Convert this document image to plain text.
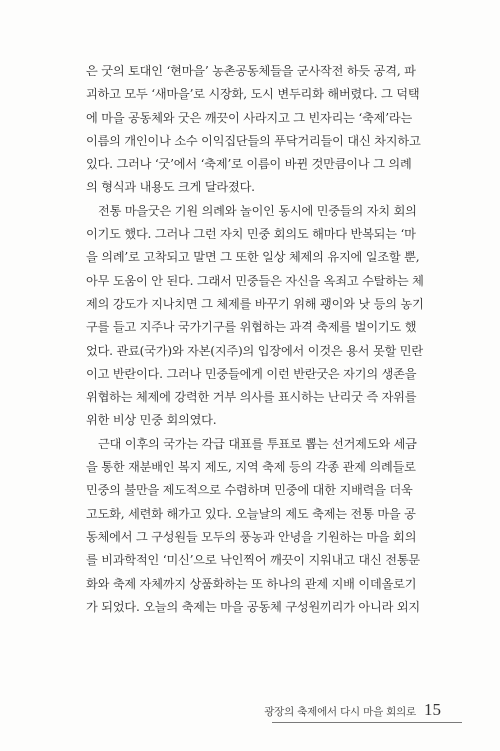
은 굿의 토대인 ‘현마을’ 농촌공동체들을 군사작전 하듯 공격, 파
괴하고 모두 ‘새마을’로 시장화, 도시 변두리화 해버렸다. 그 덕택
에 마을 공동체와 굿은 깨끗이 사라지고 그 빈자리는 ‘축제’라는
이름의 개인이나 소수 이익집단들의 푸닥거리들이 대신 차지하고
있다. 그러나 ‘굿’에서 ‘축제’로 이름이 바뀐 것만큼이나 그 의례
의 형식과 내용도 크게 달라졌다.
전통 마을굿은 기원 의례와 놀이인 동시에 민중들의 자치 회의
이기도 했다. 그러나 그런 자치 민중 회의도 해마다 반복되는 ‘마
을 의례’로 고착되고 말면 그 또한 일상 체제의 유지에 일조할 뿐,
아무 도움이 안 된다. 그래서 민중들은 자신을 옥죄고 수탈하는 체
제의 강도가 지나치면 그 체제를 바꾸기 위해 괭이와 낫 등의 농기
구를 들고 지주나 국가기구를 위협하는 과격 축제를 벌이기도 했
었다. 관료(국가)와 자본(지주)의 입장에서 이것은 용서 못할 민란
이고 반란이다. 그러나 민중들에게 이런 반란굿은 자기의 생존을
위협하는 체제에 강력한 거부 의사를 표시하는 난리굿 즉 자위를
위한 비상 민중 회의였다.
근대 이후의 국가는 각급 대표를 투표로 뽑는 선거제도와 세금
을 통한 재분배인 복지 제도, 지역 축제 등의 각종 관제 의례들로
민중의 불만을 제도적으로 수렴하며 민중에 대한 지배력을 더욱
고도화, 세련화 해가고 있다. 오늘날의 제도 축제는 전통 마을 공
동체에서 그 구성원들 모두의 풍농과 안녕을 기원하는 마을 회의
를 비과학적인 ‘미신’으로 낙인찍어 깨끗이 지워내고 대신 전통문
화와 축제 자체까지 상품화하는 또 하나의 관제 지배 이데올로기
가 되었다. 오늘의 축제는 마을 공동체 구성원끼리가 아니라 외지
광장의 축제에서 다시 마을 회의로 15
